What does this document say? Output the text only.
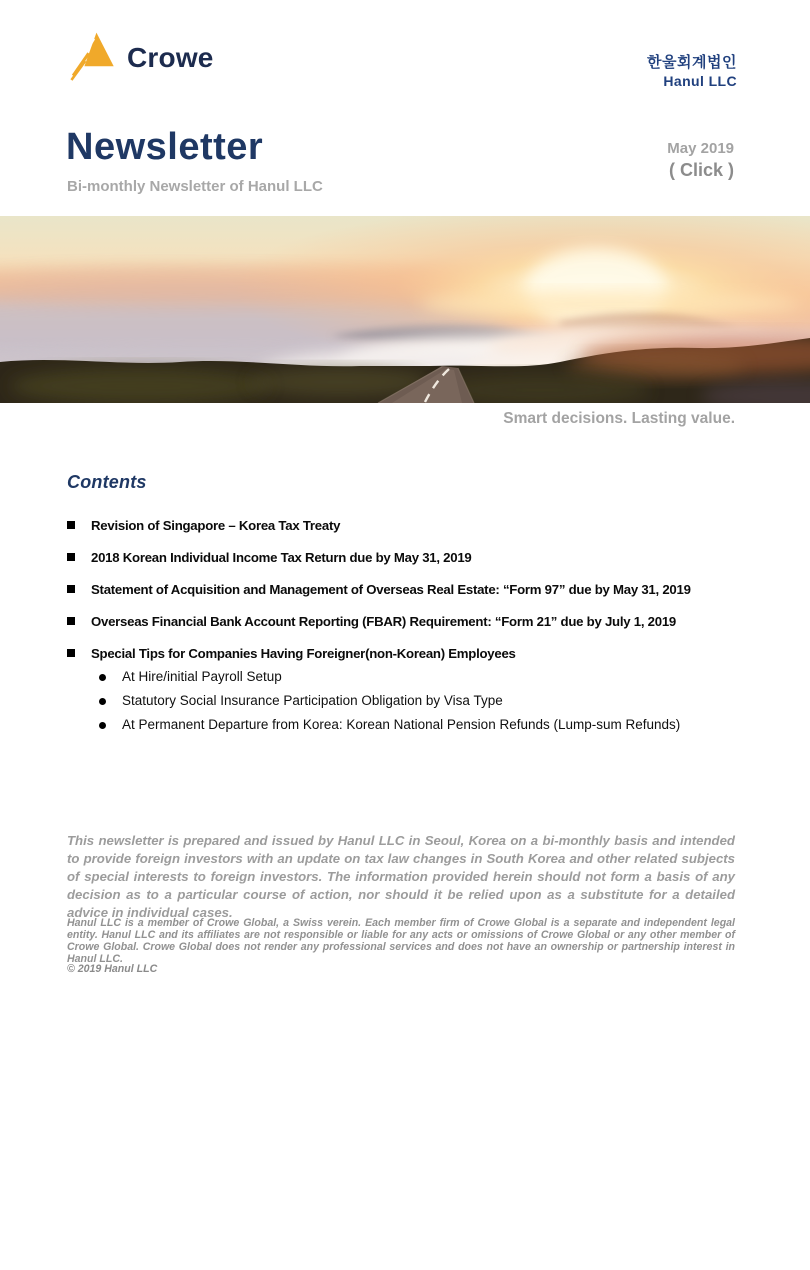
Crowe	한울회계법인
Hanul LLC
Newsletter
Bi-monthly Newsletter of Hanul LLC
May 2019
( Click )
Smart decisions. Lasting value.
Contents
Revision of Singapore – Korea Tax Treaty
2018 Korean Individual Income Tax Return due by May 31, 2019
Statement of Acquisition and Management of Overseas Real Estate: “Form 97” due by May 31, 2019
Overseas Financial Bank Account Reporting (FBAR) Requirement: “Form 21” due by July 1, 2019
Special Tips for Companies Having Foreigner(non-Korean) Employees
At Hire/initial Payroll Setup
Statutory Social Insurance Participation Obligation by Visa Type
At Permanent Departure from Korea: Korean National Pension Refunds (Lump-sum Refunds)

This newsletter is prepared and issued by Hanul LLC in Seoul, Korea on a bi-monthly basis and intended to provide foreign investors with an update on tax law changes in South Korea and other related subjects of special interests to foreign investors. The information provided herein should not form a basis of any decision as to a particular course of action, nor should it be relied upon as a substitute for a detailed advice in individual cases.

Hanul LLC is a member of Crowe Global, a Swiss verein. Each member firm of Crowe Global is a separate and independent legal entity. Hanul LLC and its affiliates are not responsible or liable for any acts or omissions of Crowe Global or any other member of Crowe Global. Crowe Global does not render any professional services and does not have an ownership or partnership interest in Hanul LLC.

© 2019 Hanul LLC
